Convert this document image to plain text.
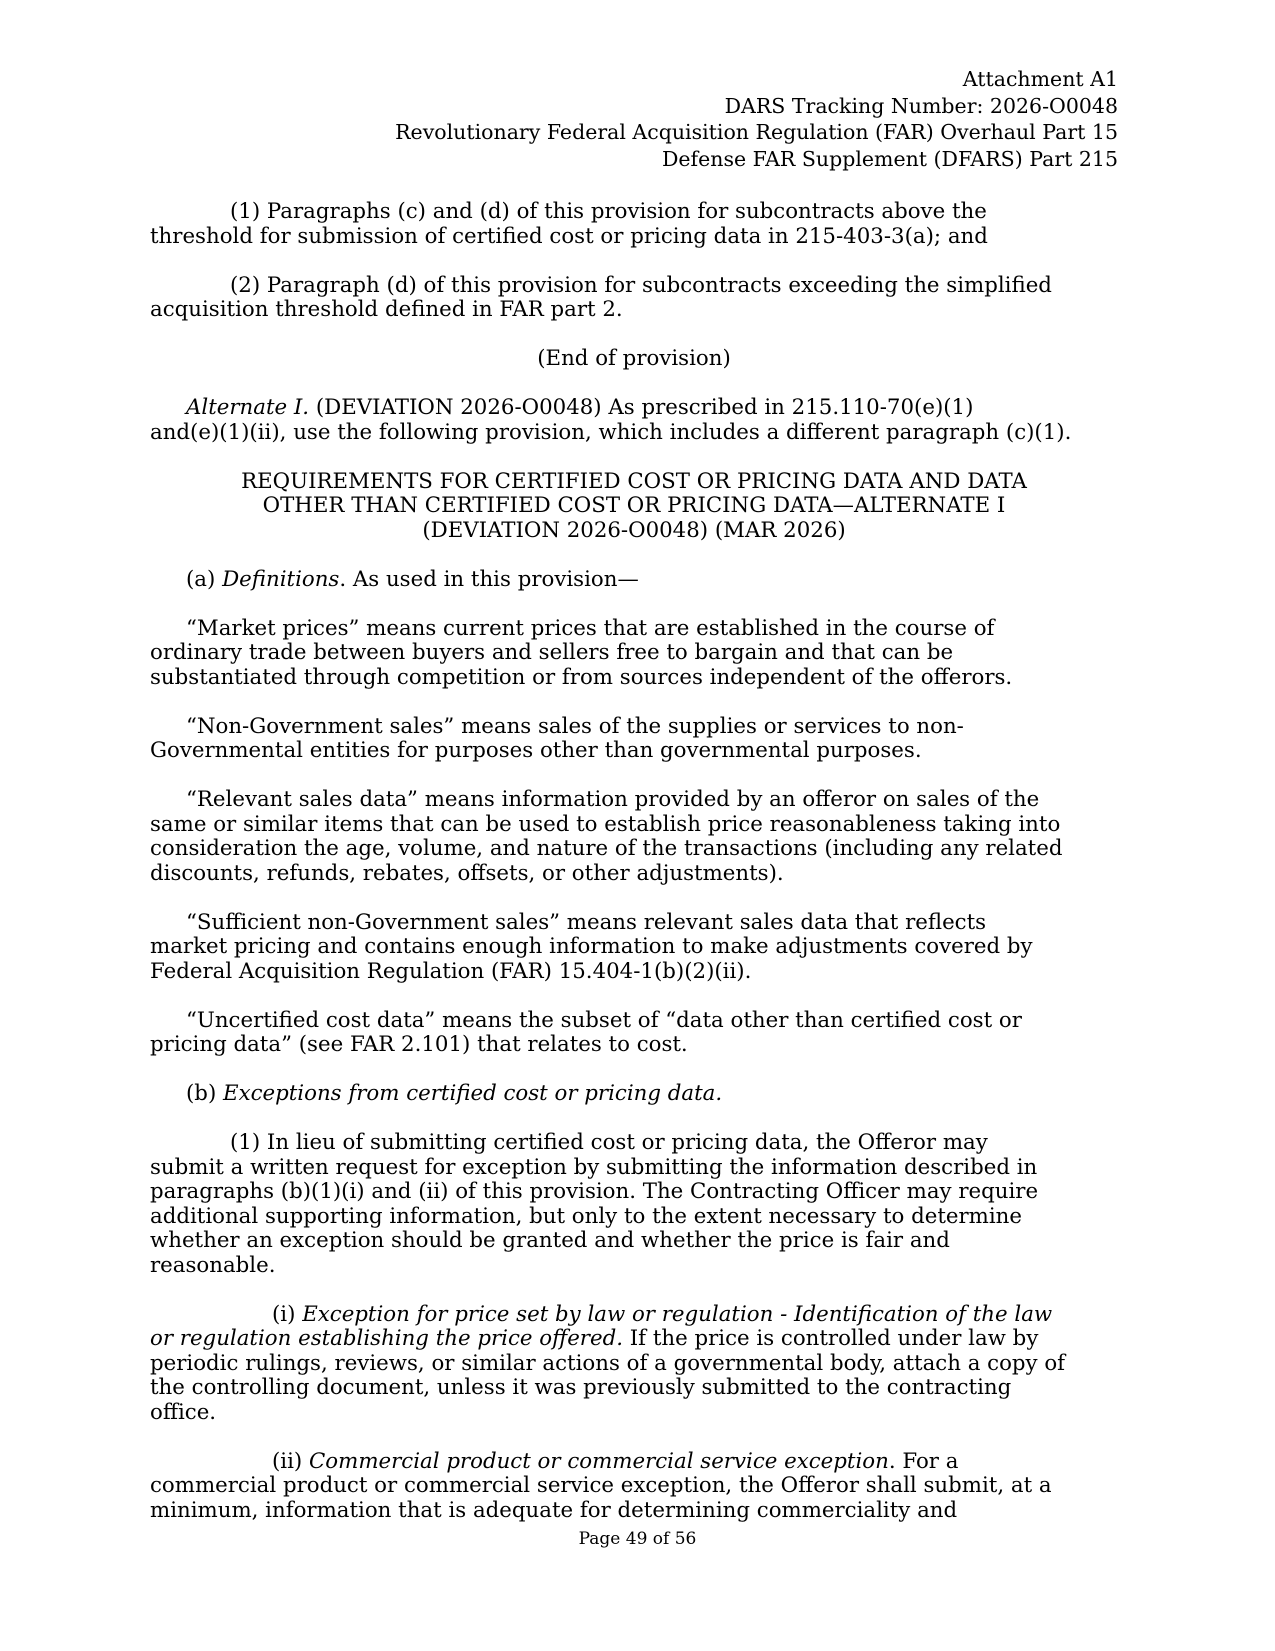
Attachment A1
DARS Tracking Number: 2026-O0048
Revolutionary Federal Acquisition Regulation (FAR) Overhaul Part 15
Defense FAR Supplement (DFARS) Part 215

(1) Paragraphs (c) and (d) of this provision for subcontracts above the
threshold for submission of certified cost or pricing data in 215-403-3(a); and

(2) Paragraph (d) of this provision for subcontracts exceeding the simplified
acquisition threshold defined in FAR part 2.

(End of provision)

Alternate I. (DEVIATION 2026-O0048) As prescribed in 215.110-70(e)(1)
and(e)(1)(ii), use the following provision, which includes a different paragraph (c)(1).

REQUIREMENTS FOR CERTIFIED COST OR PRICING DATA AND DATA
OTHER THAN CERTIFIED COST OR PRICING DATA—ALTERNATE I
(DEVIATION 2026-O0048) (MAR 2026)

(a) Definitions. As used in this provision—

“Market prices” means current prices that are established in the course of
ordinary trade between buyers and sellers free to bargain and that can be
substantiated through competition or from sources independent of the offerors.

“Non-Government sales” means sales of the supplies or services to non-
Governmental entities for purposes other than governmental purposes.

“Relevant sales data” means information provided by an offeror on sales of the
same or similar items that can be used to establish price reasonableness taking into
consideration the age, volume, and nature of the transactions (including any related
discounts, refunds, rebates, offsets, or other adjustments).

“Sufficient non-Government sales” means relevant sales data that reflects
market pricing and contains enough information to make adjustments covered by
Federal Acquisition Regulation (FAR) 15.404-1(b)(2)(ii).

“Uncertified cost data” means the subset of “data other than certified cost or
pricing data” (see FAR 2.101) that relates to cost.

(b) Exceptions from certified cost or pricing data.

(1) In lieu of submitting certified cost or pricing data, the Offeror may
submit a written request for exception by submitting the information described in
paragraphs (b)(1)(i) and (ii) of this provision. The Contracting Officer may require
additional supporting information, but only to the extent necessary to determine
whether an exception should be granted and whether the price is fair and
reasonable.

(i) Exception for price set by law or regulation - Identification of the law
or regulation establishing the price offered. If the price is controlled under law by
periodic rulings, reviews, or similar actions of a governmental body, attach a copy of
the controlling document, unless it was previously submitted to the contracting
office.

(ii) Commercial product or commercial service exception. For a
commercial product or commercial service exception, the Offeror shall submit, at a
minimum, information that is adequate for determining commerciality and

Page 49 of 56
